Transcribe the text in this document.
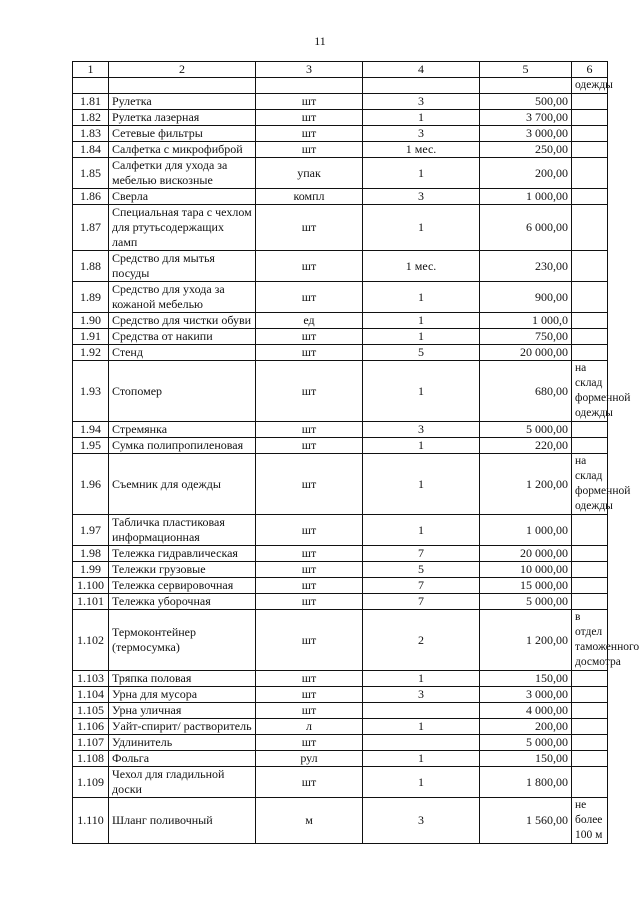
11
1	2	3	4	5	6
					одежды
1.81	Рулетка	шт	3	500,00	
1.82	Рулетка лазерная	шт	1	3 700,00	
1.83	Сетевые фильтры	шт	3	3 000,00	
1.84	Салфетка с микрофиброй	шт	1 мес.	250,00	
1.85	Салфетки для ухода за мебелью вискозные	упак	1	200,00	
1.86	Сверла	компл	3	1 000,00	
1.87	Специальная тара с чехлом для ртутьсодержащих ламп	шт	1	6 000,00	
1.88	Средство для мытья посуды	шт	1 мес.	230,00	
1.89	Средство для ухода за кожаной мебелью	шт	1	900,00	
1.90	Средство для чистки обуви	ед	1	1 000,0	
1.91	Средства от накипи	шт	1	750,00	
1.92	Стенд	шт	5	20 000,00	
1.93	Стопомер	шт	1	680,00	на склад форменной одежды
1.94	Стремянка	шт	3	5 000,00	
1.95	Сумка полипропиленовая	шт	1	220,00	
1.96	Съемник для одежды	шт	1	1 200,00	на склад форменной одежды
1.97	Табличка пластиковая информационная	шт	1	1 000,00	
1.98	Тележка гидравлическая	шт	7	20 000,00	
1.99	Тележки грузовые	шт	5	10 000,00	
1.100	Тележка сервировочная	шт	7	15 000,00	
1.101	Тележка уборочная	шт	7	5 000,00	
1.102	Термоконтейнер (термосумка)	шт	2	1 200,00	в отдел таможенного досмотра
1.103	Тряпка половая	шт	1	150,00	
1.104	Урна для мусора	шт	3	3 000,00	
1.105	Урна уличная	шт		4 000,00	
1.106	Уайт-спирит/ растворитель	л	1	200,00	
1.107	Удлинитель	шт		5 000,00	
1.108	Фольга	рул	1	150,00	
1.109	Чехол для гладильной доски	шт	1	1 800,00	
1.110	Шланг поливочный	м	3	1 560,00	не более 100 м
